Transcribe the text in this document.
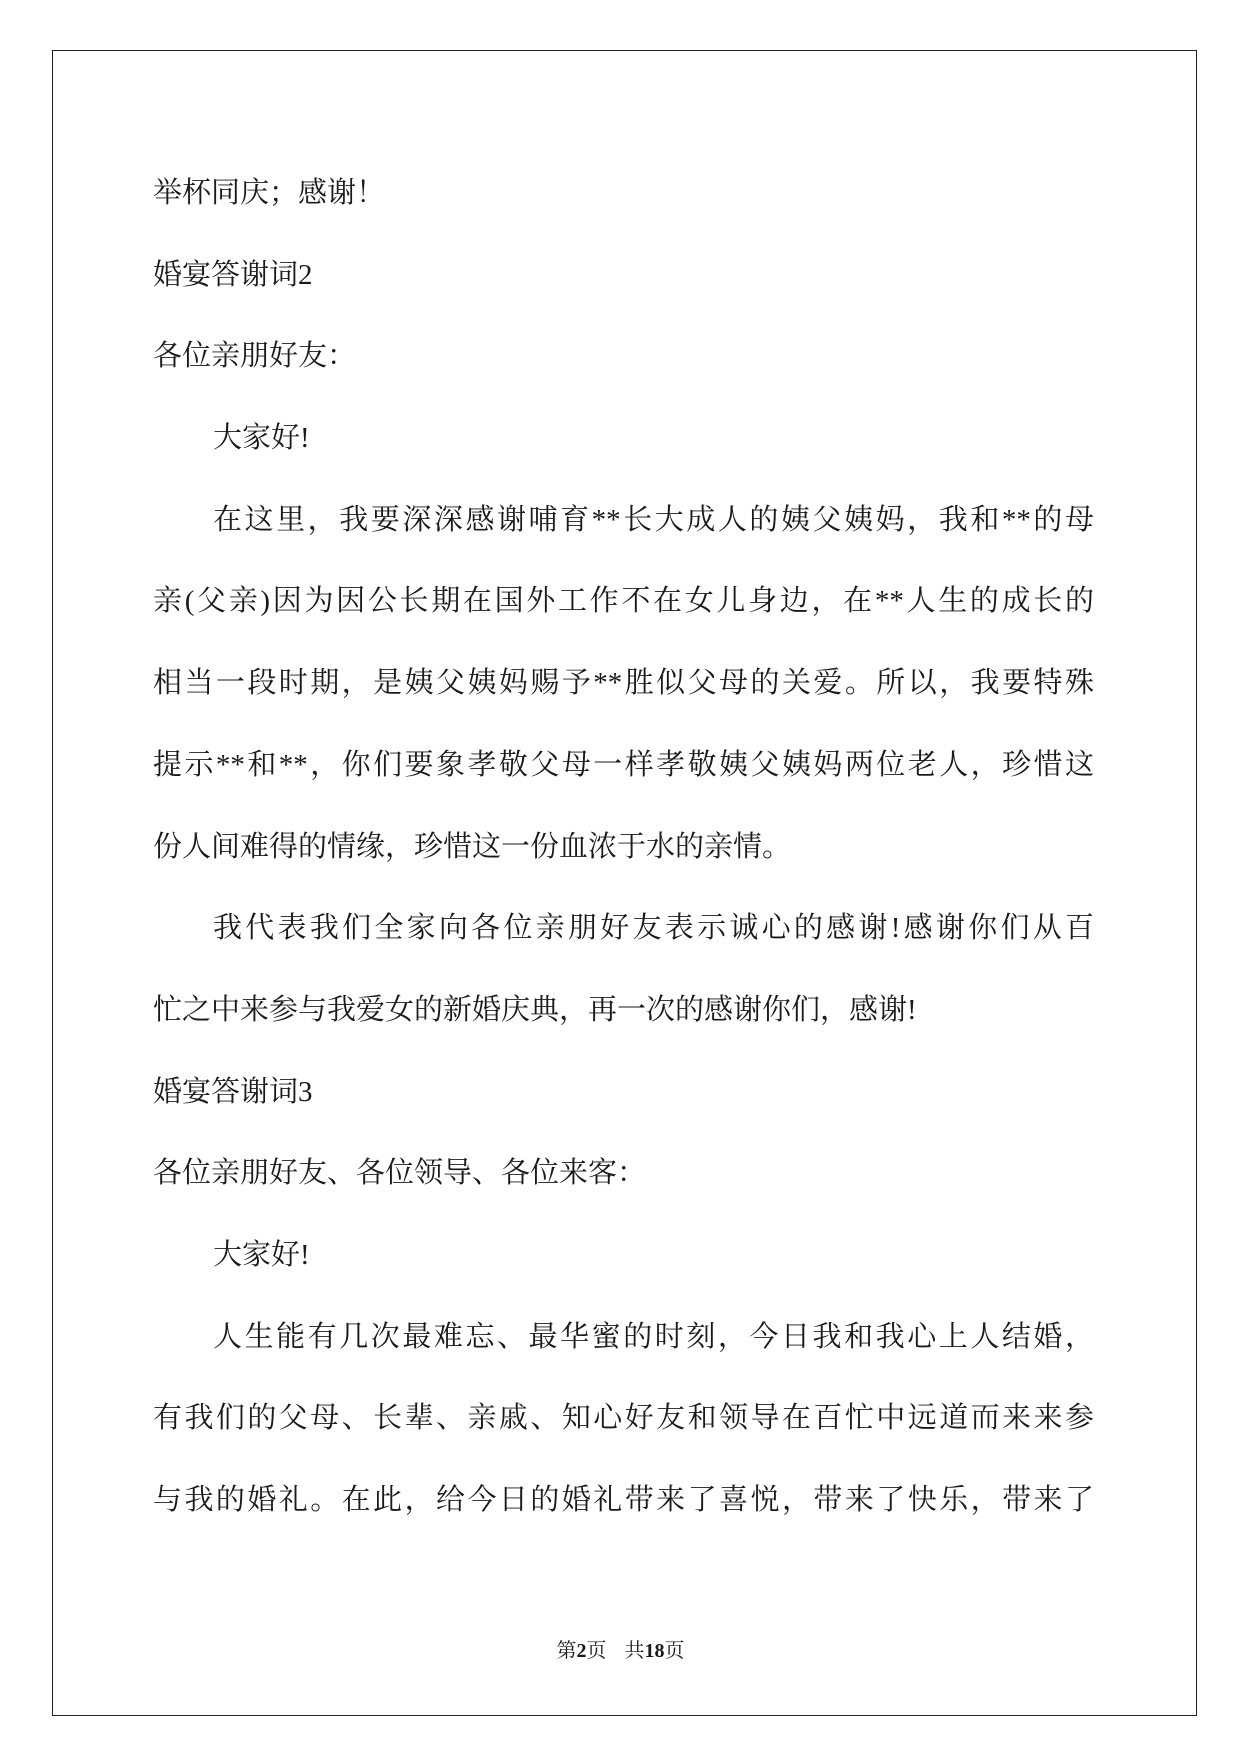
举杯同庆；感谢！
婚宴答谢词2
各位亲朋好友：
大家好!
在这里，我要深深感谢哺育**长大成人的姨父姨妈，我和**的母
亲(父亲)因为因公长期在国外工作不在女儿身边，在**人生的成长的
相当一段时期，是姨父姨妈赐予**胜似父母的关爱。所以，我要特殊
提示**和**，你们要象孝敬父母一样孝敬姨父姨妈两位老人，珍惜这
份人间难得的情缘，珍惜这一份血浓于水的亲情。
我代表我们全家向各位亲朋好友表示诚心的感谢!感谢你们从百
忙之中来参与我爱女的新婚庆典，再一次的感谢你们，感谢!
婚宴答谢词3
各位亲朋好友、各位领导、各位来客：
大家好!
人生能有几次最难忘、最华蜜的时刻，今日我和我心上人结婚，
有我们的父母、长辈、亲戚、知心好友和领导在百忙中远道而来来参
与我的婚礼。在此，给今日的婚礼带来了喜悦，带来了快乐，带来了
第2页 共18页
